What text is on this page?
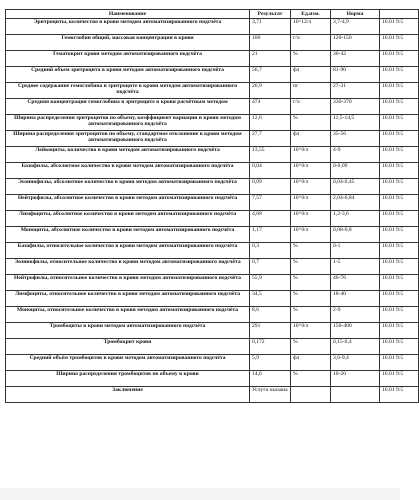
Наименование	Результат	Ед.изм.	Норма	
Эритроциты, количество в крови методом автоматизированного подсчёта	3,71	10^12/л	3,7-4,9	16.01 9:5
Гемоглобин общий, массовая концентрация в крови	100	г/л	120-150	16.01 9:5
Гематокрит крови методом автоматизированного подсчёта	21	%	36-42	16.01 9:5
Средний объем эритроцита в крови методом автоматизированного подсчёта	56,7	фл	81-90	16.01 9:5
Среднее содержание гемоглобина в эритроците в крови методом автоматизированного подсчёта	26,9	пг	27-31	16.01 9:5
Средняя концентрация гемоглобина в эритроците в крови расчётным методом	474	г/л	330-370	16.01 9:5
Ширина распределения эритроцитов по объему, коэффициент вариации в крови методом автоматизированного подсчёта	12,6	%	11,5-14,5	16.01 9:5
Ширина распределения эритроцитов по объему, стандартное отклонение в крови методом автоматизированного подсчёта	27,7	фл	35-56	16.01 9:5
Лейкоциты, количество в крови методом автоматизированного подсчёта	13,55	10^9/л	4-9	16.01 9:5
Базофилы, абсолютное количество в крови методом автоматизированного подсчёта	0,04	10^9/л	0-0,09	16.01 9:5
Эозинофилы, абсолютное количество в крови методом автоматизированного подсчёта	0,09	10^9/л	0,04-0,45	16.01 9:5
Нейтрофилы, абсолютное количество в крови методом автоматизированного подсчёта	7,57	10^9/л	2,04-6,84	16.01 9:5
Лимфоциты, абсолютное количество в крови методом автоматизированного подсчёта	4,68	10^9/л	1,2-3,6	16.01 9:5
Моноциты, абсолютное количество в крови методом автоматизированного подсчёта	1,17	10^9/л	0,08-0,8	16.01 9:5
Базофилы, относительное количество в крови методом автоматизированного подсчёта	0,3	%	0-1	16.01 9:5
Эозинофилы, относительное количество в крови методом автоматизированного подсчёта	0,7	%	1-5	16.01 9:5
Нейтрофилы, относительное количество в крови методом автоматизированного подсчёта	55,9	%	46-76	16.01 9:5
Лимфоциты, относительное количество в крови методом автоматизированного подсчёта	34,5	%	18-40	16.01 9:5
Моноциты, относительное количество в крови методом автоматизированного подсчёта	8,6	%	2-9	16.01 9:5
Тромбоциты в крови методом автоматизированного подсчёта	291	10^9/л	150-400	16.01 9:5
Тромбокрит крови	0,172	%	0,15-0,4	16.01 9:5
Средний объём тромбоцитов в крови методом автоматизированного подсчёта	5,9	фл	3,6-9,4	16.01 9:5
Ширина распределения тромбоцитов по объему в крови	14,6	%	10-20	16.01 9:5
Заключение	Услуга оказана			16.01 9:5
